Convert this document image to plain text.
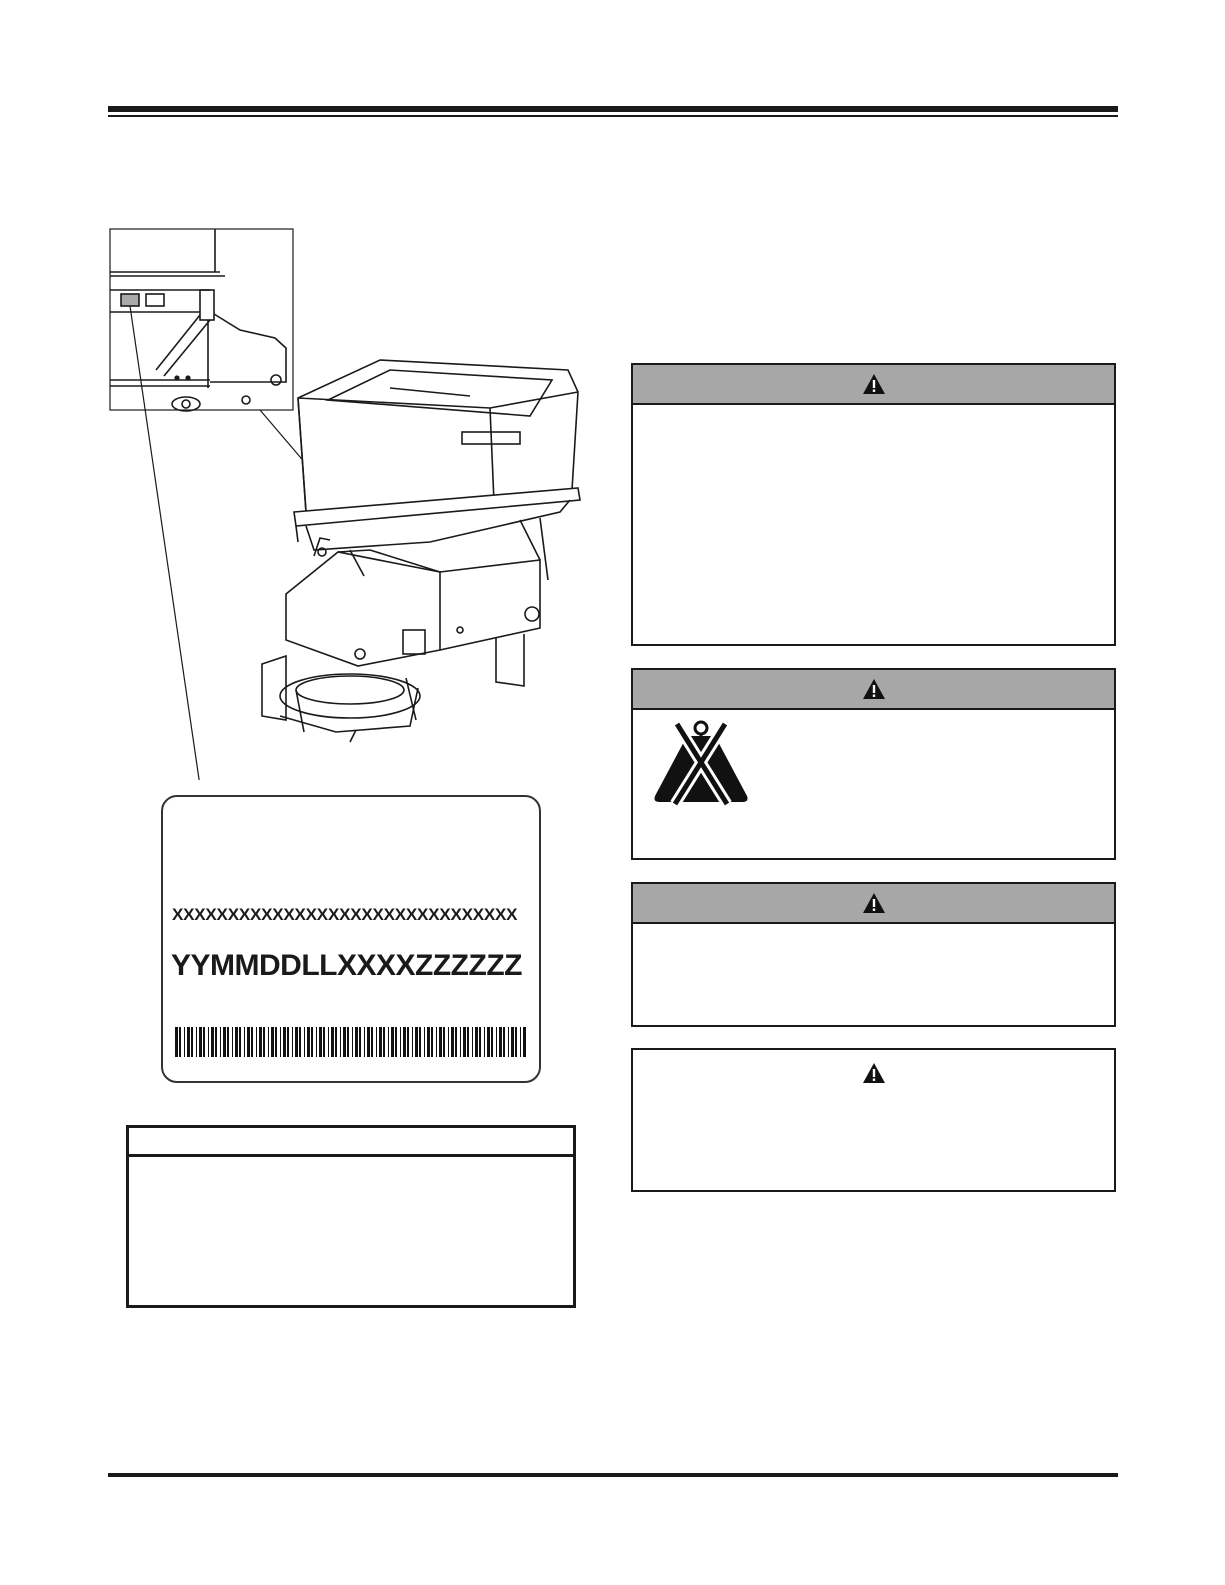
XXXXXXXXXXXXXXXXXXXXXXXXXXXXXXX
YYMMDDLLXXXXZZZZZZ
